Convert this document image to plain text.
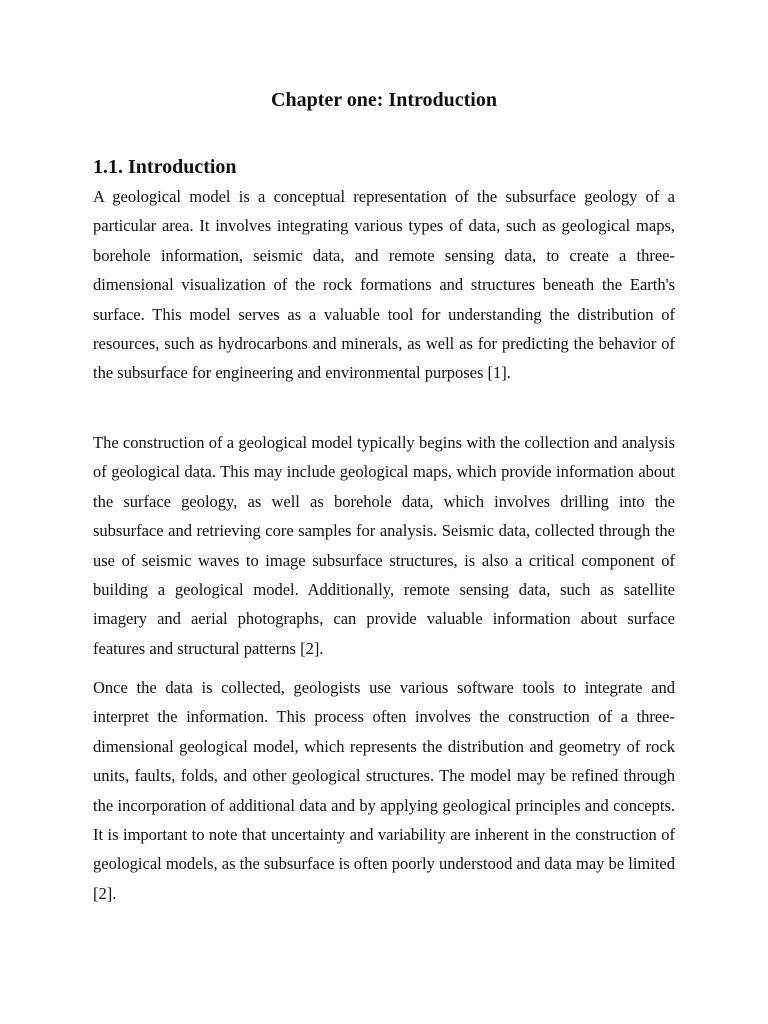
Chapter one: Introduction
1.1. Introduction

A geological model is a conceptual representation of the subsurface geology of a particular area. It involves integrating various types of data, such as geological maps, borehole information, seismic data, and remote sensing data, to create a three-dimensional visualization of the rock formations and structures beneath the Earth's surface. This model serves as a valuable tool for understanding the distribution of resources, such as hydrocarbons and minerals, as well as for predicting the behavior of the subsurface for engineering and environmental purposes [1].

The construction of a geological model typically begins with the collection and analysis of geological data. This may include geological maps, which provide information about the surface geology, as well as borehole data, which involves drilling into the subsurface and retrieving core samples for analysis. Seismic data, collected through the use of seismic waves to image subsurface structures, is also a critical component of building a geological model. Additionally, remote sensing data, such as satellite imagery and aerial photographs, can provide valuable information about surface features and structural patterns [2].

Once the data is collected, geologists use various software tools to integrate and interpret the information. This process often involves the construction of a three-dimensional geological model, which represents the distribution and geometry of rock units, faults, folds, and other geological structures. The model may be refined through the incorporation of additional data and by applying geological principles and concepts. It is important to note that uncertainty and variability are inherent in the construction of geological models, as the subsurface is often poorly understood and data may be limited [2].
